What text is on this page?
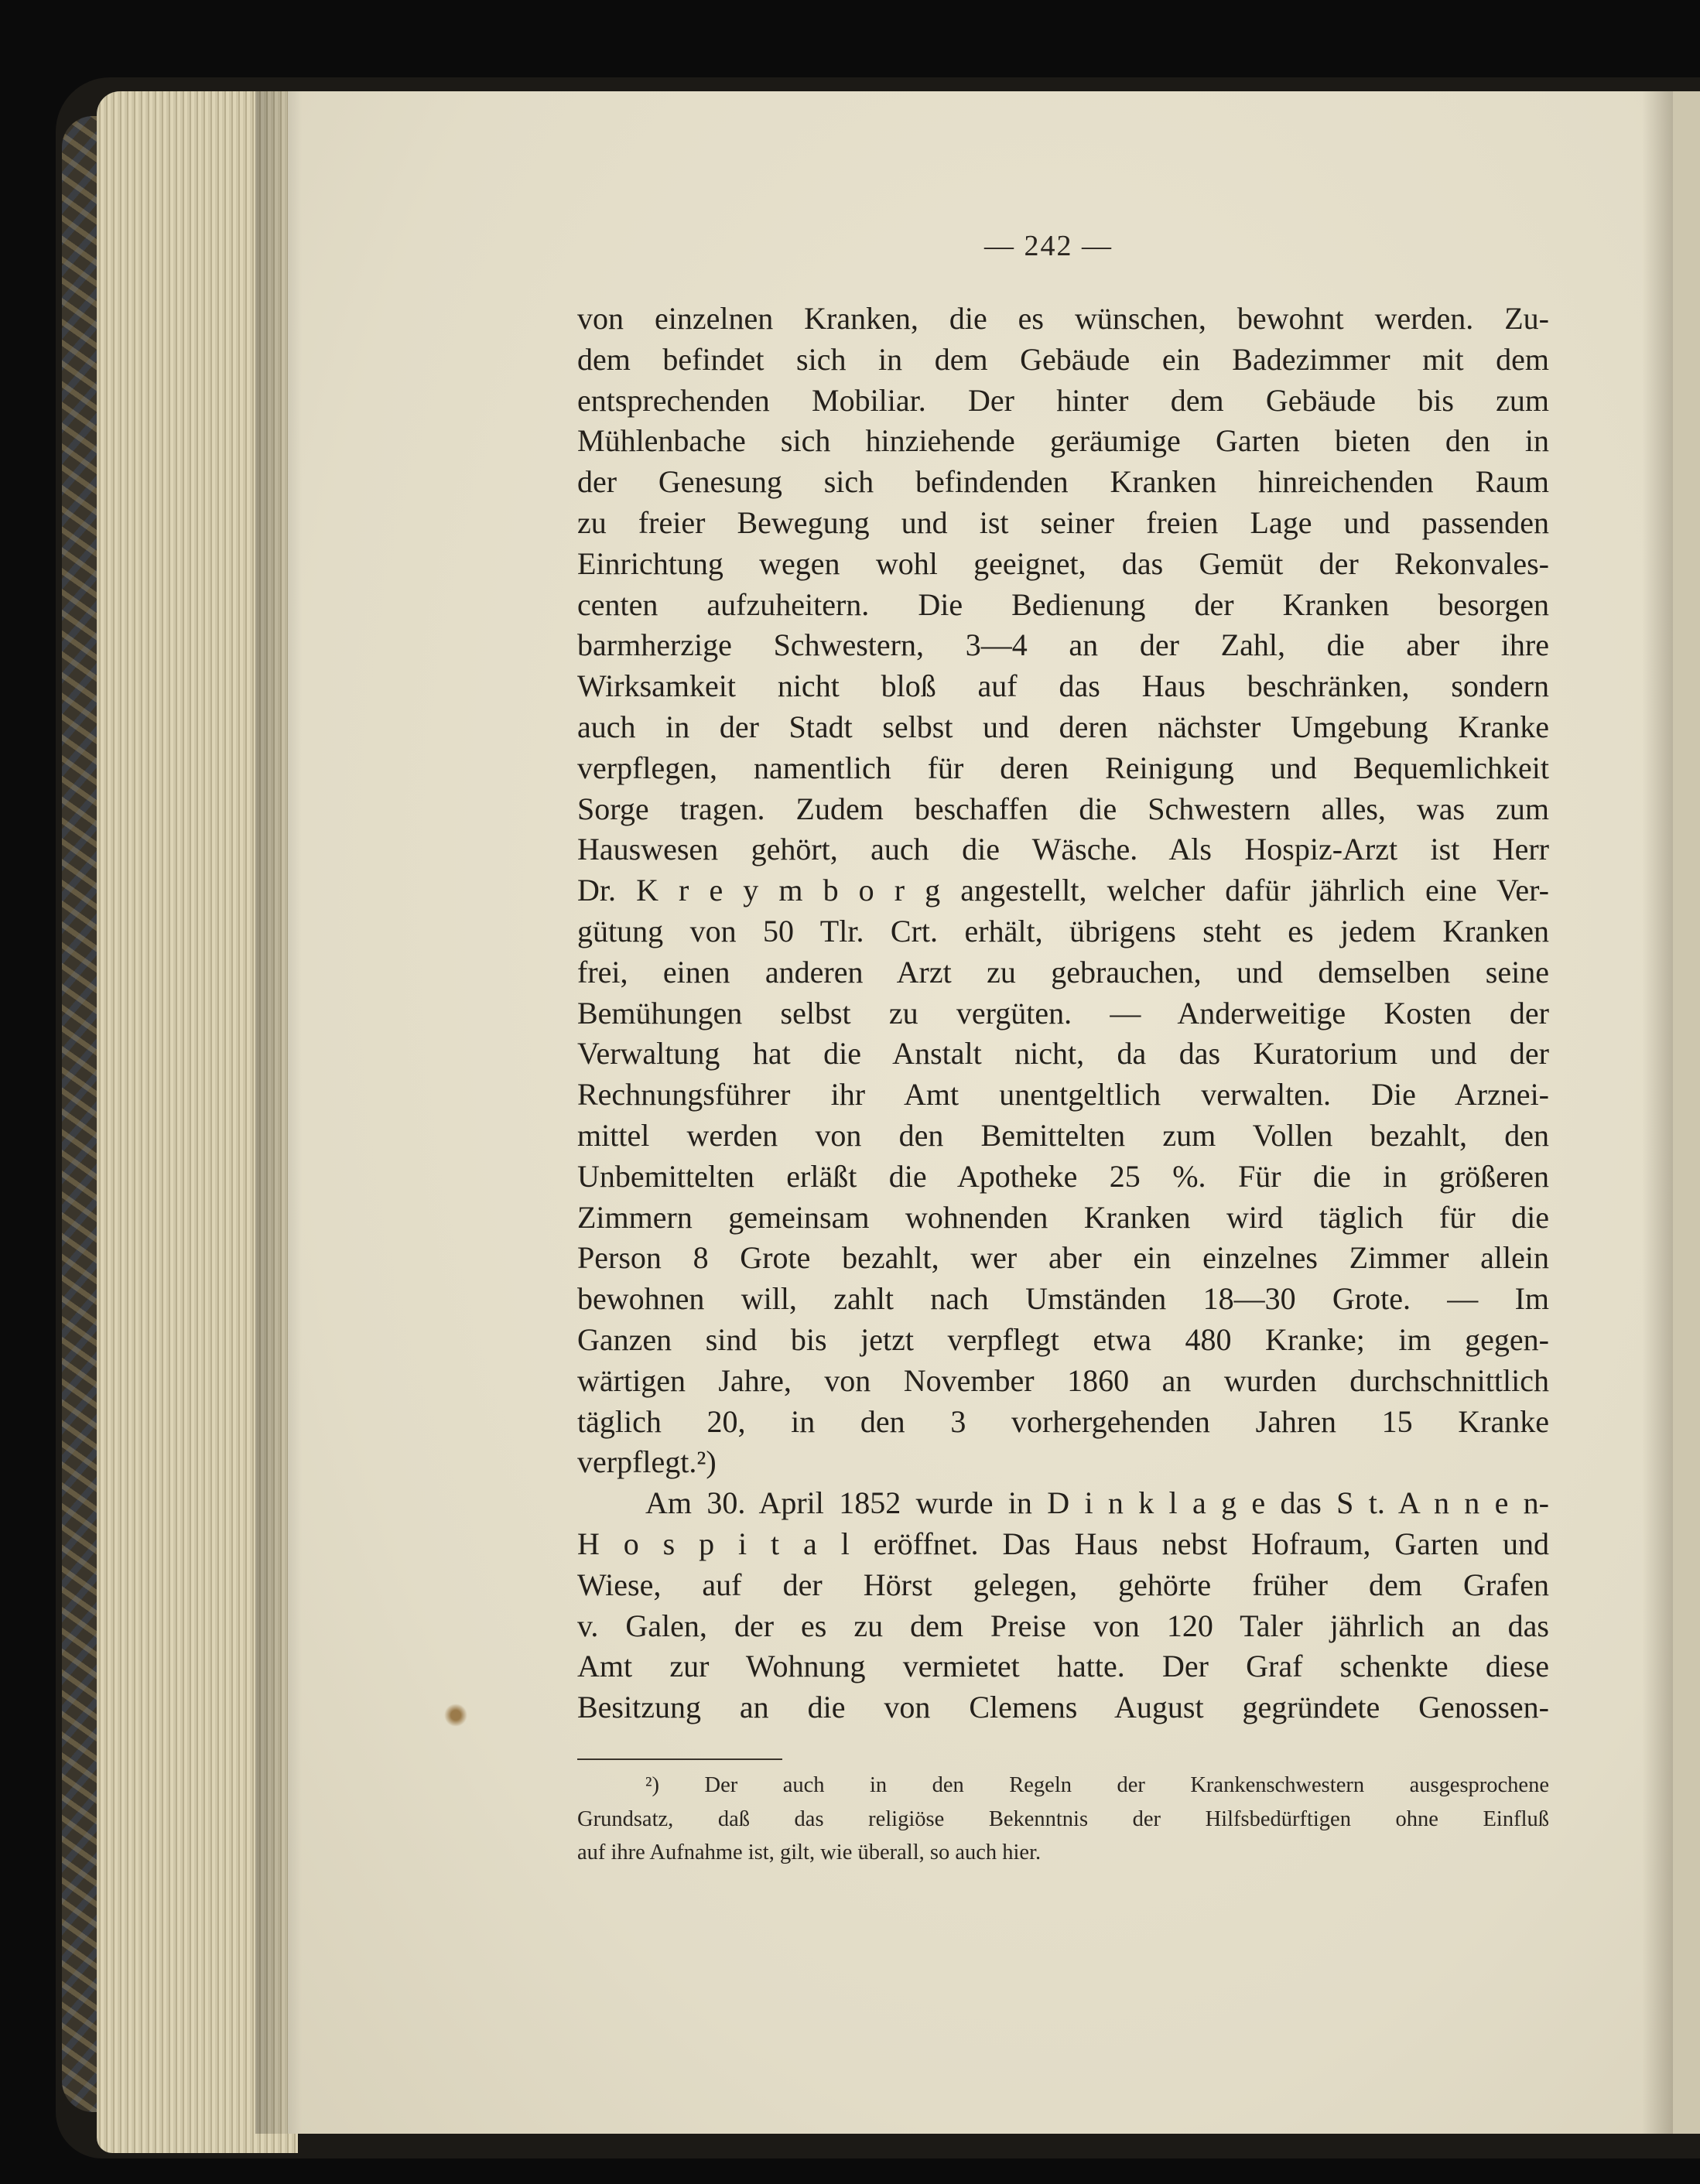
— 242 —
von einzelnen Kranken, die es wünschen, bewohnt werden. Zu-
dem befindet sich in dem Gebäude ein Badezimmer mit dem
entsprechenden Mobiliar. Der hinter dem Gebäude bis zum
Mühlenbache sich hinziehende geräumige Garten bieten den in
der Genesung sich befindenden Kranken hinreichenden Raum
zu freier Bewegung und ist seiner freien Lage und passenden
Einrichtung wegen wohl geeignet, das Gemüt der Rekonvales-
centen aufzuheitern. Die Bedienung der Kranken besorgen
barmherzige Schwestern, 3—4 an der Zahl, die aber ihre
Wirksamkeit nicht bloß auf das Haus beschränken, sondern
auch in der Stadt selbst und deren nächster Umgebung Kranke
verpflegen, namentlich für deren Reinigung und Bequemlichkeit
Sorge tragen. Zudem beschaffen die Schwestern alles, was zum
Hauswesen gehört, auch die Wäsche. Als Hospiz-Arzt ist Herr
Dr. K r e y m b o r g angestellt, welcher dafür jährlich eine Ver-
gütung von 50 Tlr. Crt. erhält, übrigens steht es jedem Kranken
frei, einen anderen Arzt zu gebrauchen, und demselben seine
Bemühungen selbst zu vergüten. — Anderweitige Kosten der
Verwaltung hat die Anstalt nicht, da das Kuratorium und der
Rechnungsführer ihr Amt unentgeltlich verwalten. Die Arznei-
mittel werden von den Bemittelten zum Vollen bezahlt, den
Unbemittelten erläßt die Apotheke 25 %. Für die in größeren
Zimmern gemeinsam wohnenden Kranken wird täglich für die
Person 8 Grote bezahlt, wer aber ein einzelnes Zimmer allein
bewohnen will, zahlt nach Umständen 18—30 Grote. — Im
Ganzen sind bis jetzt verpflegt etwa 480 Kranke; im gegen-
wärtigen Jahre, von November 1860 an wurden durchschnittlich
täglich 20, in den 3 vorhergehenden Jahren 15 Kranke
verpflegt.²)
Am 30. April 1852 wurde in D i n k l a g e das S t. A n n e n-
H o s p i t a l eröffnet. Das Haus nebst Hofraum, Garten und
Wiese, auf der Hörst gelegen, gehörte früher dem Grafen
v. Galen, der es zu dem Preise von 120 Taler jährlich an das
Amt zur Wohnung vermietet hatte. Der Graf schenkte diese
Besitzung an die von Clemens August gegründete Genossen-
²) Der auch in den Regeln der Krankenschwestern ausgesprochene
Grundsatz, daß das religiöse Bekenntnis der Hilfsbedürftigen ohne Einfluß
auf ihre Aufnahme ist, gilt, wie überall, so auch hier.
